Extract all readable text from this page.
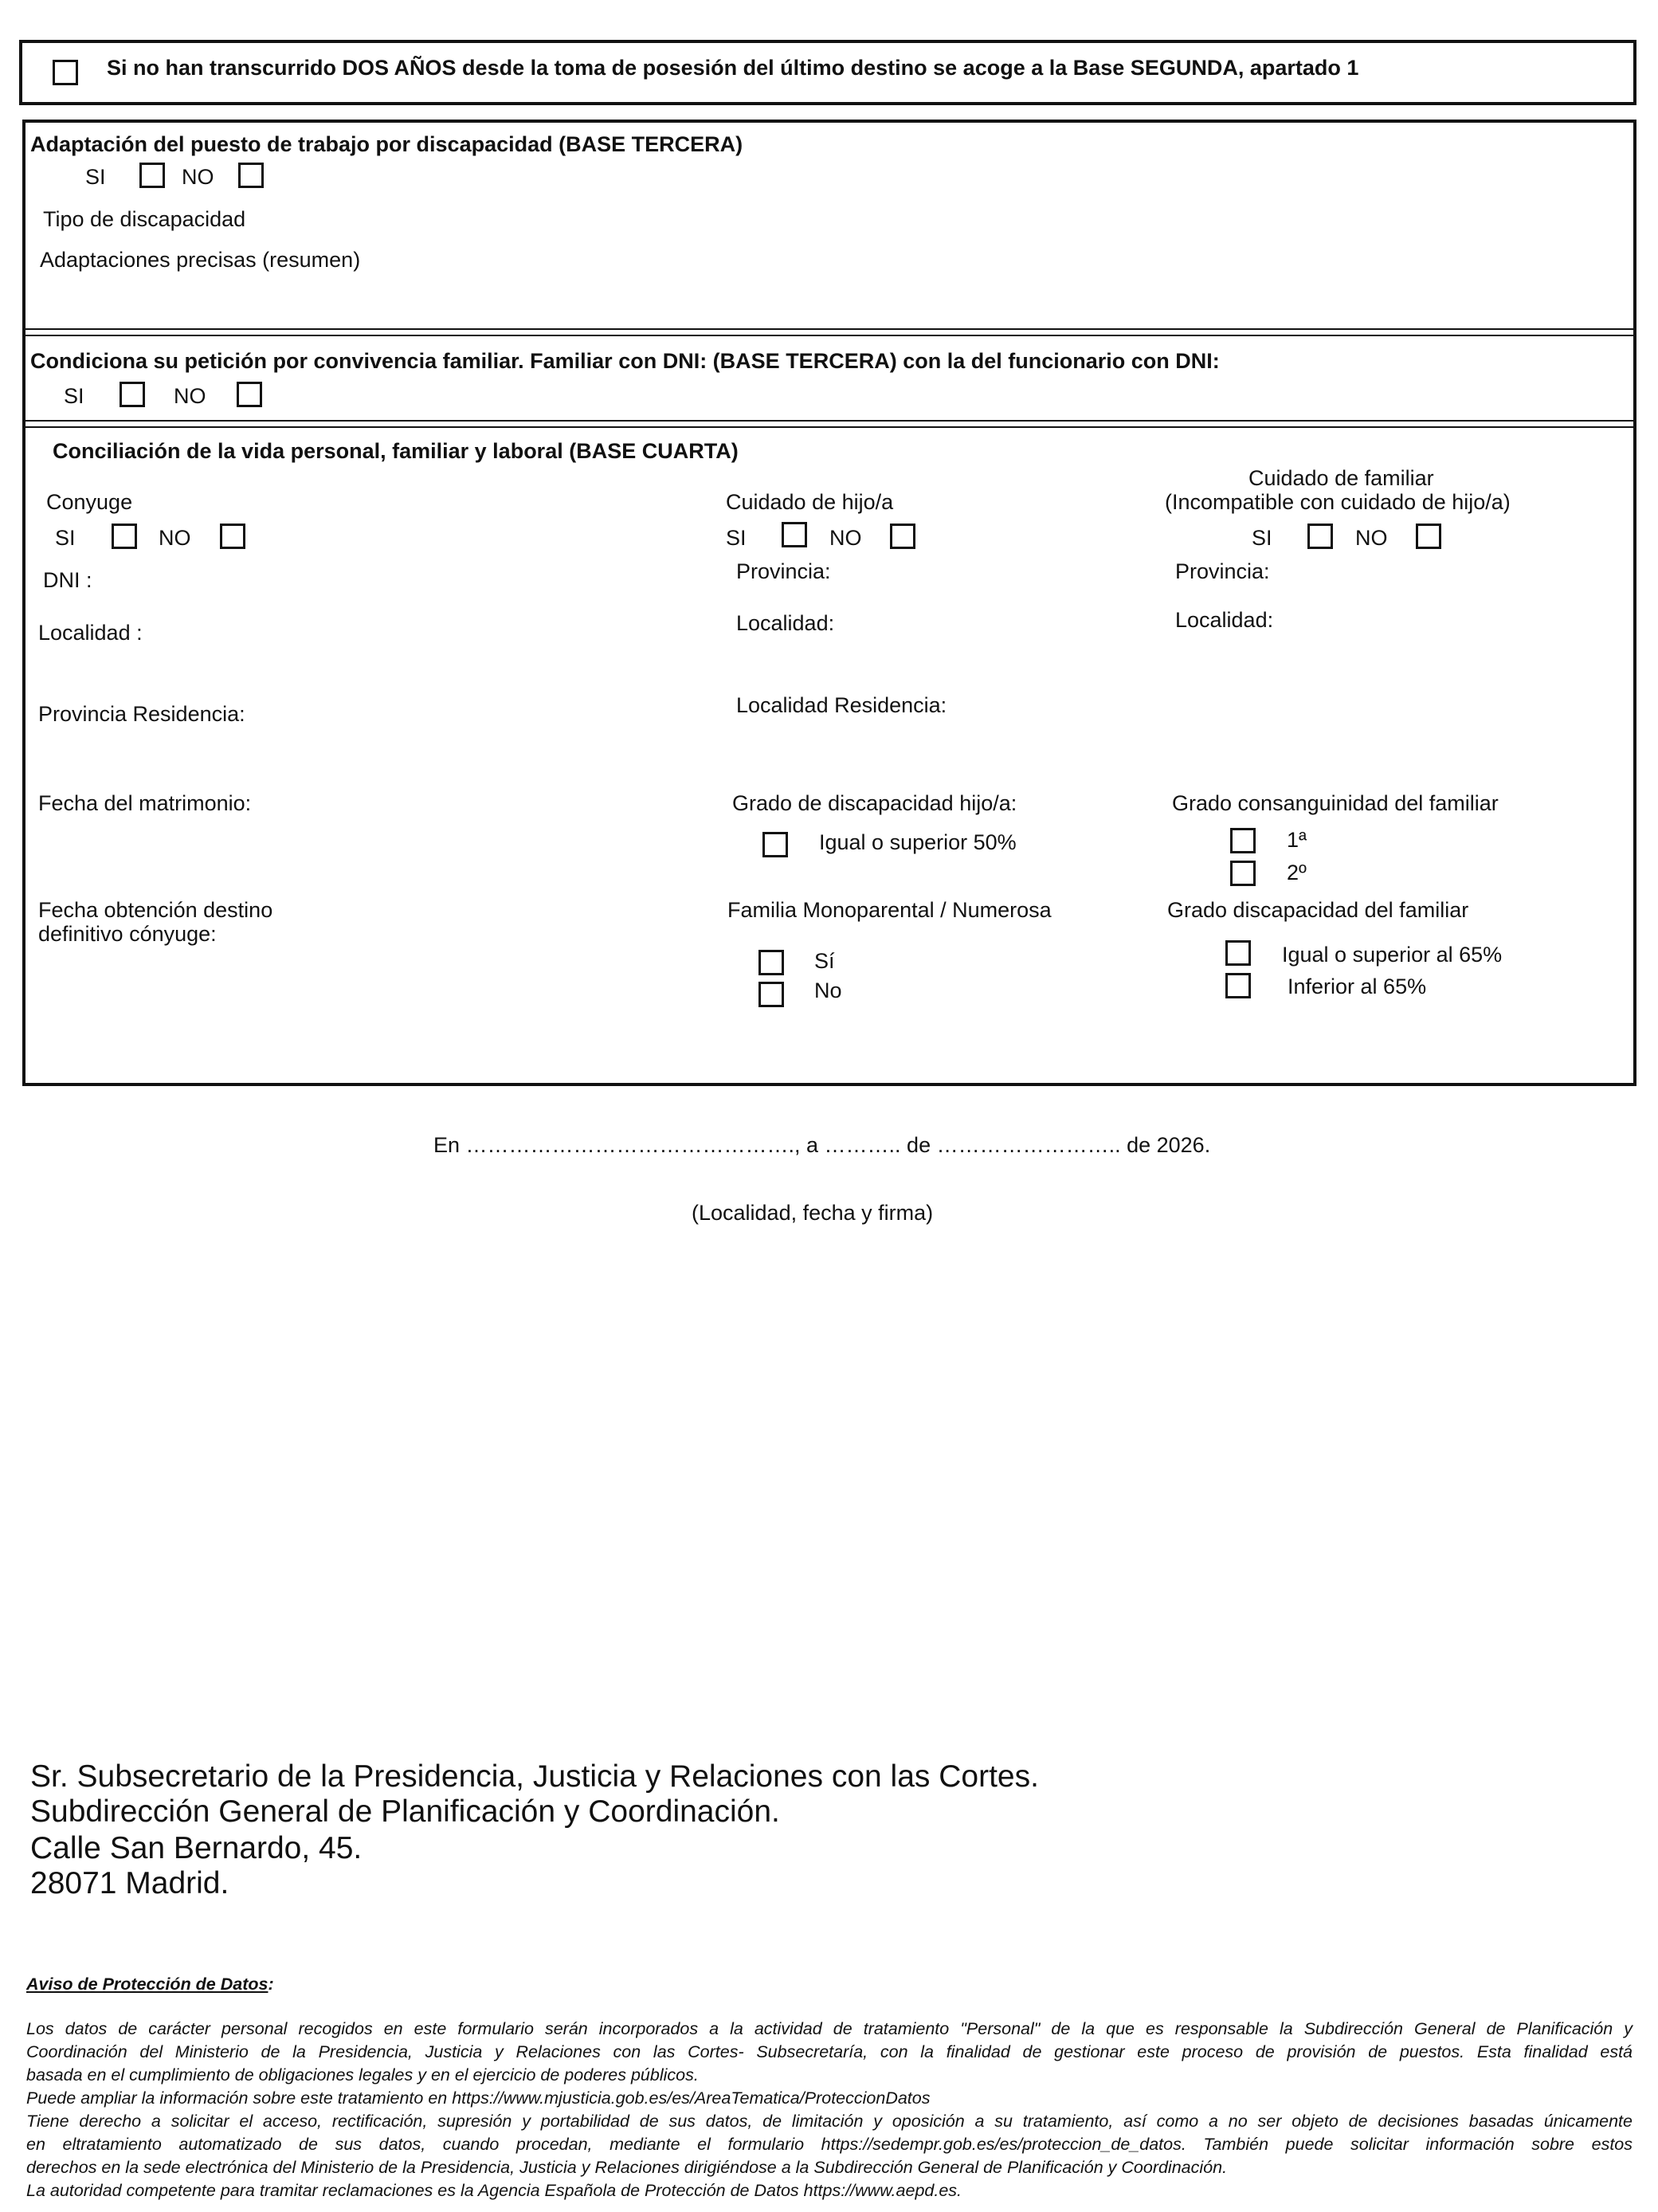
Si no han transcurrido DOS AÑOS desde la toma de posesión del último destino se acoge a la Base SEGUNDA, apartado 1
Adaptación del puesto de trabajo por discapacidad (BASE TERCERA)
SI	NO
Tipo de discapacidad
Adaptaciones precisas (resumen)
Condiciona su petición por convivencia familiar. Familiar con DNI: (BASE TERCERA) con la del funcionario con DNI:
SI	NO
Conciliación de la vida personal, familiar y laboral (BASE CUARTA)
Conyuge
SI	NO
DNI :
Localidad :
Provincia Residencia:
Fecha del matrimonio:
Fecha obtención destino
definitivo cónyuge:
Cuidado de hijo/a
SI	NO
Provincia:
Localidad:
Localidad Residencia:
Grado de discapacidad hijo/a:
Igual o superior 50%
Familia Monoparental / Numerosa
Sí
No
Cuidado de familiar
(Incompatible con cuidado de hijo/a)
SI	NO
Provincia:
Localidad:
Grado consanguinidad del familiar
1ª
2º
Grado discapacidad del familiar
Igual o superior al 65%
Inferior al 65%
En ………………………………………., a ……….. de …………………….. de 2026.
(Localidad, fecha y firma)
Sr. Subsecretario de la Presidencia, Justicia y Relaciones con las Cortes.
Subdirección General de Planificación y Coordinación.
Calle San Bernardo, 45.
28071 Madrid.
Aviso de Protección de Datos:
Los datos de carácter personal recogidos en este formulario serán incorporados a la actividad de tratamiento "Personal" de la que es responsable la Subdirección General de Planificación y
Coordinación del Ministerio de la Presidencia, Justicia y Relaciones con las Cortes- Subsecretaría, con la finalidad de gestionar este proceso de provisión de puestos. Esta finalidad está
basada en el cumplimiento de obligaciones legales y en el ejercicio de poderes públicos.
Puede ampliar la información sobre este tratamiento en https://www.mjusticia.gob.es/es/AreaTematica/ProteccionDatos
Tiene derecho a solicitar el acceso, rectificación, supresión y portabilidad de sus datos, de limitación y oposición a su tratamiento, así como a no ser objeto de decisiones basadas únicamente
en eltratamiento automatizado de sus datos, cuando procedan, mediante el formulario https://sedempr.gob.es/es/proteccion_de_datos. También puede solicitar información sobre estos
derechos en la sede electrónica del Ministerio de la Presidencia, Justicia y Relaciones dirigiéndose a la Subdirección General de Planificación y Coordinación.
La autoridad competente para tramitar reclamaciones es la Agencia Española de Protección de Datos https://www.aepd.es.
